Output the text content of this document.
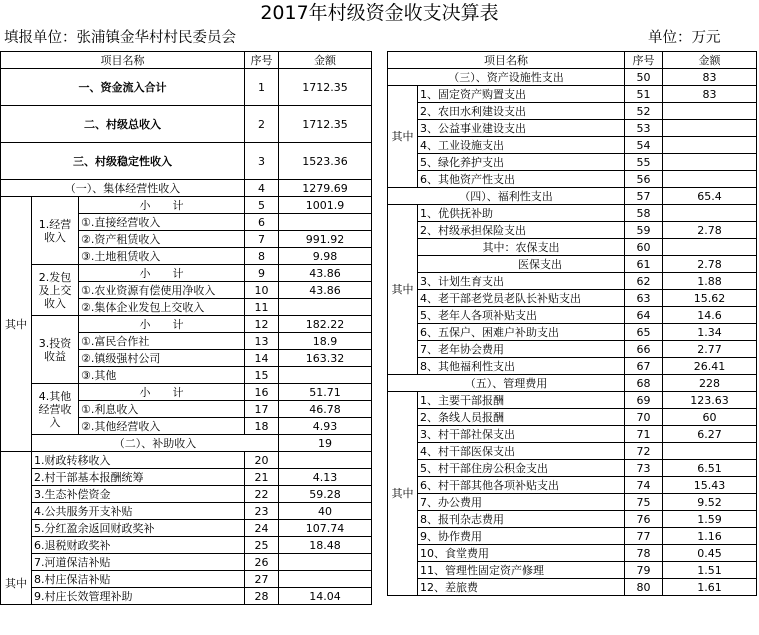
2017年村级资金收支决算表
填报单位：张浦镇金华村村民委员会	单位：万元
项目名称			序号	金额	
一、资金流入合计			1	1712.35	
二、村级总收入			2	1712.35	
三、村级稳定性收入			3	1523.36	
（一）、集体经营性收入			4	1279.69	
其中	1.经营收入	小　　计	5	1001.9	
		①.直接经营收入	6		
		②.资产租赁收入	7	991.92	
		③.土地租赁收入	8	9.98	
	2.发包及上交收入	小　　计	9	43.86	
		①.农业资源有偿使用净收入	10	43.86	
		②.集体企业发包上交收入	11		
	3.投资收益	小　　计	12	182.22	
		①.富民合作社	13	18.9	
		②.镇级强村公司	14	163.32	
		③.其他	15		
	4.其他经营收入	小　　计	16	51.71	
		①.利息收入	17	46.78	
		②.其他经营收入	18	4.93	
	（二）、补助收入			19	
其中	1.财政转移收入		20		
	2.村干部基本报酬统筹		21	4.13	
	3.生态补偿资金		22	59.28	
	4.公共服务开支补贴		23	40	
	5.分红盈余返回财政奖补		24	107.74	
	6.退税财政奖补		25	18.48	
	7.河道保洁补贴		26		
	8.村庄保洁补贴		27		
	9.村庄长效管理补助		28	14.04	
项目名称		序号	金额
（三）、资产设施性支出		50	83
其中	1、固定资产购置支出	51	83
	2、农田水利建设支出	52	
	3、公益事业建设支出	53	
	4、工业设施支出	54	
	5、绿化养护支出	55	
	6、其他资产性支出	56	
（四）、福利性支出		57	65.4
其中	1、优供抚补助	58	
	2、村级承担保险支出	59	2.78
	其中：农保支出	60	
	医保支出	61	2.78
	3、计划生育支出	62	1.88
	4、老干部老党员老队长补贴支出	63	15.62
	5、老年人各项补贴支出	64	14.6
	6、五保户、困难户补助支出	65	1.34
	7、老年协会费用	66	2.77
	8、其他福利性支出	67	26.41
（五）、管理费用		68	228
其中	1、主要干部报酬	69	123.63
	2、条线人员报酬	70	60
	3、村干部社保支出	71	6.27
	4、村干部医保支出	72	
	5、村干部住房公积金支出	73	6.51
	6、村干部其他各项补贴支出	74	15.43
	7、办公费用	75	9.52
	8、报刊杂志费用	76	1.59
	9、协作费用	77	1.16
	10、食堂费用	78	0.45
	11、管理性固定资产修理	79	1.51
	12、差旅费	80	1.61
